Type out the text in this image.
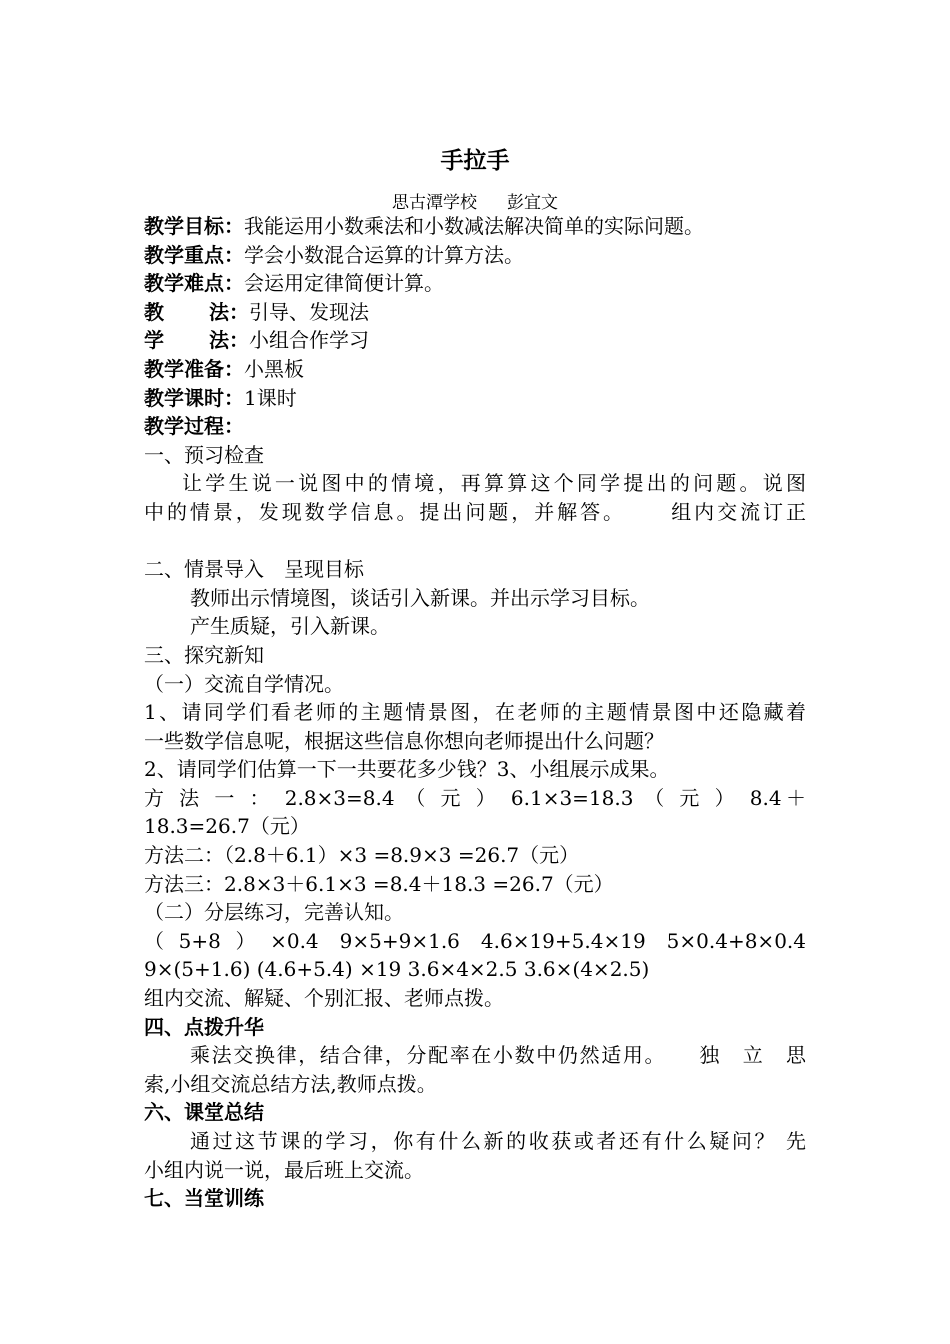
手拉手
思古潭学校 彭宜文
教学目标：我能运用小数乘法和小数减法解决简单的实际问题。
教学重点：学会小数混合运算的计算方法。
教学难点：会运用定律简便计算。
教 法：引导、发现法
学 法：小组合作学习
教学准备：小黑板
教学课时：1课时
教学过程：
一、预习检查
让学生说一说图中的情境，再算算这个同学提出的问题。说图
中的情景，发现数学信息。提出问题，并解答。　　 组内交流订正
二、情景导入　呈现目标
教师出示情境图，谈话引入新课。并出示学习目标。
产生质疑，引入新课。
三、探究新知
（一）交流自学情况。
1、请同学们看老师的主题情景图，在老师的主题情景图中还隐藏着
一些数学信息呢，根据这些信息你想向老师提出什么问题？
2、请同学们估算一下一共要花多少钱？3、小组展示成果。
方 法 一 ： 2.8×3=8.4 （ 元 ） 6.1×3=18.3 （ 元 ） 8.4＋
18.3=26.7（元）
方法二：（2.8＋6.1）×3 =8.9×3 =26.7（元）
方法三：2.8×3＋6.1×3 =8.4＋18.3 =26.7（元）
（二）分层练习，完善认知。
（5+8）×0.4 9×5+9×1.6 4.6×19+5.4×19 5×0.4+8×0.4
9×(5+1.6) (4.6+5.4) ×19 3.6×4×2.5 3.6×(4×2.5)
组内交流、解疑、个别汇报、老师点拨。
四、点拨升华
乘法交换律，结合律，分配率在小数中仍然适用。　　独　立　思
索,小组交流总结方法,教师点拨。
六、课堂总结
通过这节课的学习，你有什么新的收获或者还有什么疑问？ 先
小组内说一说，最后班上交流。
七、当堂训练
